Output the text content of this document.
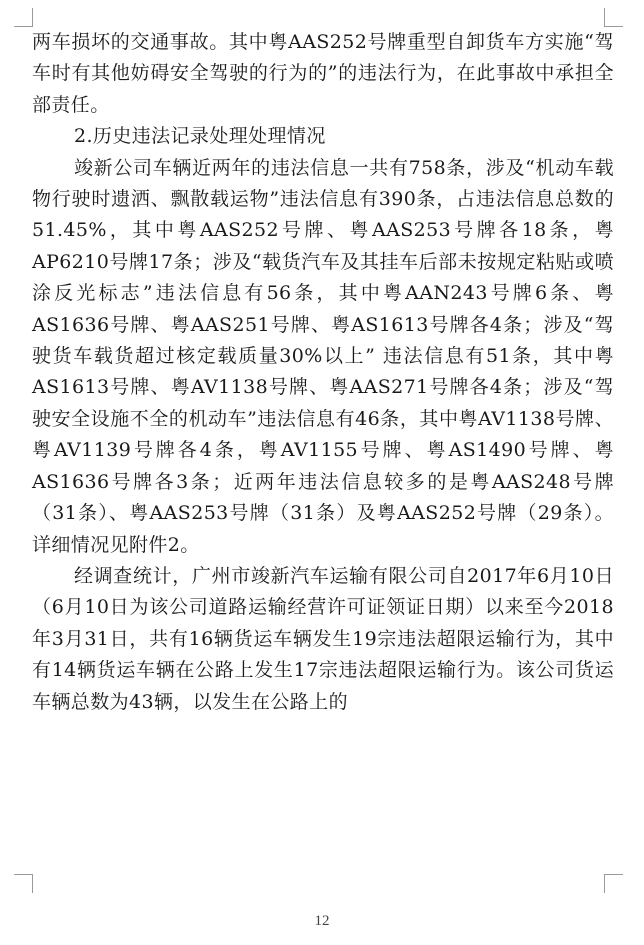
两车损坏的交通事故。其中粤AAS252号牌重型自卸货车方实施“驾车时有其他妨碍安全驾驶的行为的”的违法行为，在此事故中承担全部责任。

2.历史违法记录处理处理情况

竣新公司车辆近两年的违法信息一共有758条，涉及“机动车载物行驶时遗洒、飘散载运物”违法信息有390条，占违法信息总数的51.45%，其中粤AAS252号牌、粤AAS253号牌各18条，粤AP6210号牌17条；涉及“载货汽车及其挂车后部未按规定粘贴或喷涂反光标志”违法信息有56条，其中粤AAN243号牌6条、粤AS1636号牌、粤AAS251号牌、粤AS1613号牌各4条；涉及“驾驶货车载货超过核定载质量30%以上” 违法信息有51条，其中粤AS1613号牌、粤AV1138号牌、粤AAS271号牌各4条；涉及“驾驶安全设施不全的机动车”违法信息有46条，其中粤AV1138号牌、粤AV1139号牌各4条，粤AV1155号牌、粤AS1490号牌、粤AS1636号牌各3条；近两年违法信息较多的是粤AAS248号牌（31条）、粤AAS253号牌（31条）及粤AAS252号牌（29条）。详细情况见附件2。

经调查统计，广州市竣新汽车运输有限公司自2017年6月10日（6月10日为该公司道路运输经营许可证领证日期）以来至今2018年3月31日，共有16辆货运车辆发生19宗违法超限运输行为，其中有14辆货运车辆在公路上发生17宗违法超限运输行为。该公司货运车辆总数为43辆，以发生在公路上的

12
